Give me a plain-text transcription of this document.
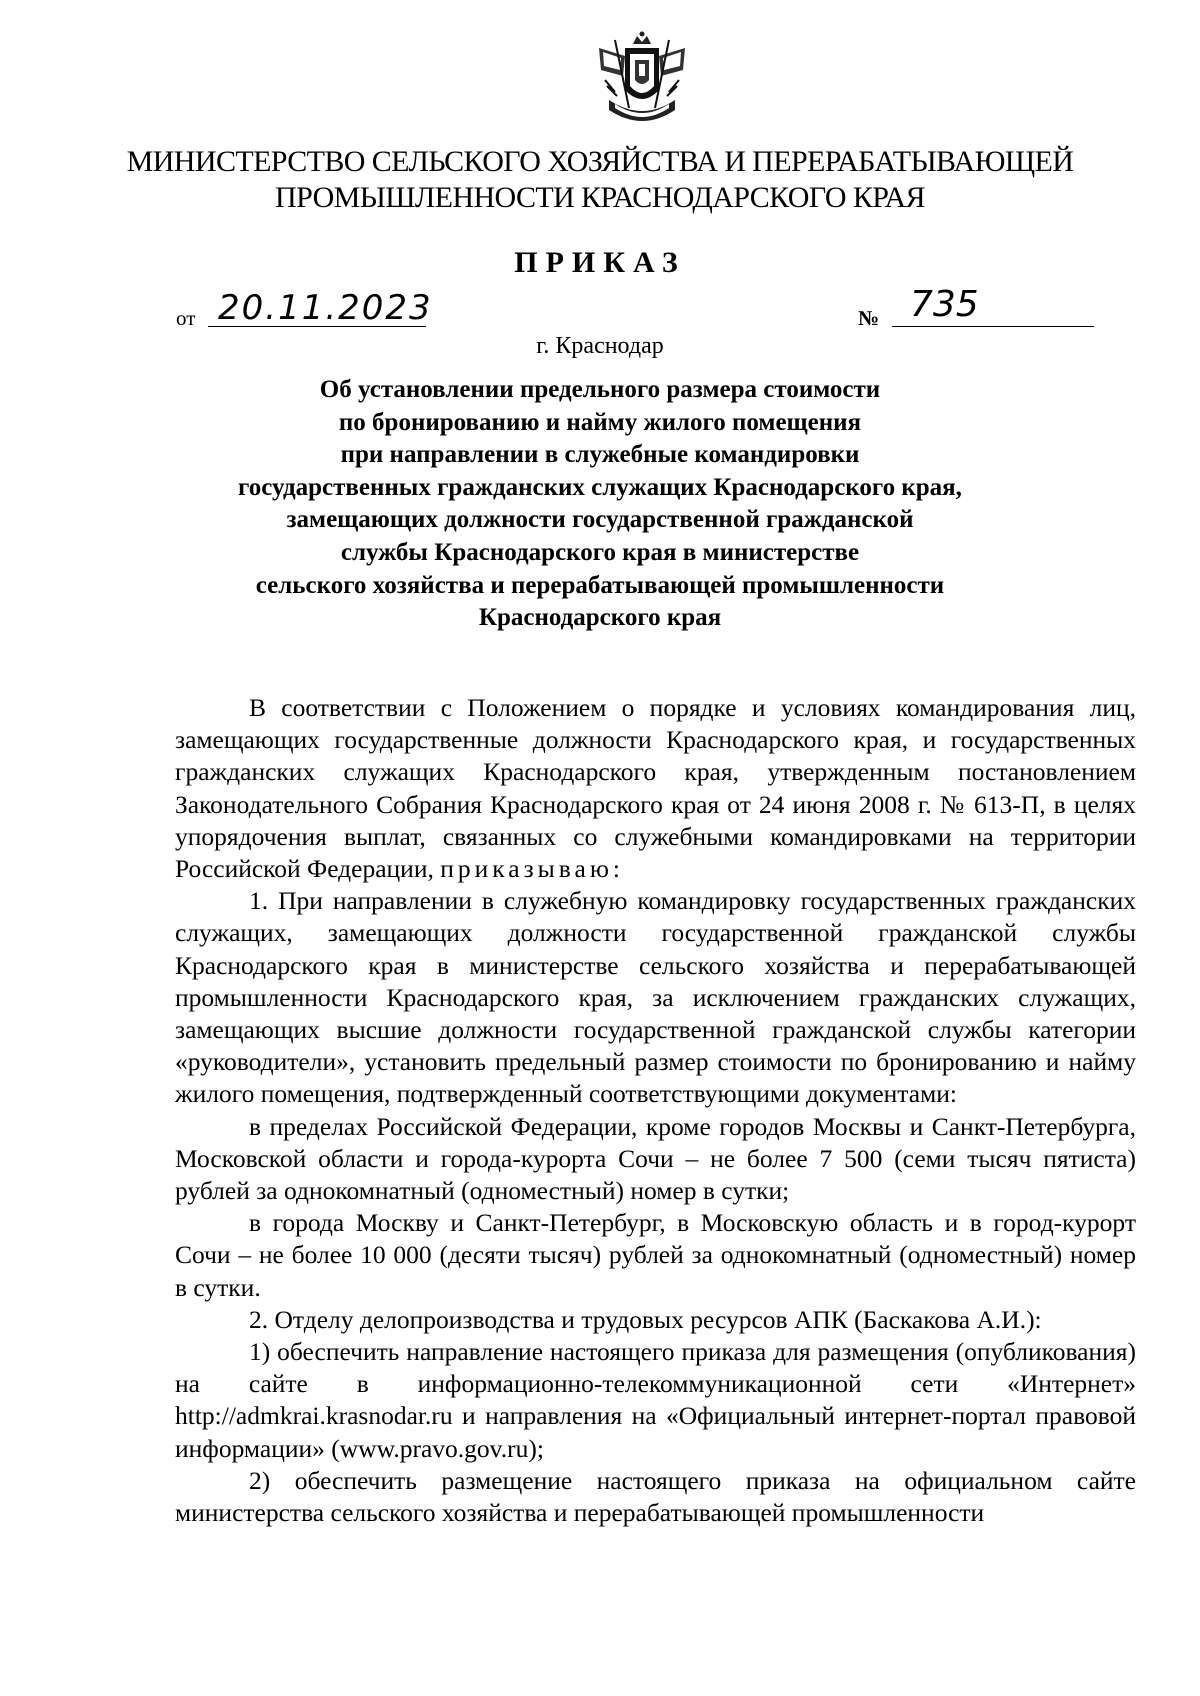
МИНИСТЕРСТВО СЕЛЬСКОГО ХОЗЯЙСТВА И ПЕРЕРАБАТЫВАЮЩЕЙ
ПРОМЫШЛЕННОСТИ КРАСНОДАРСКОГО КРАЯ
ПРИКАЗ
от 20.11.2023	№ 735
г. Краснодар
Об установлении предельного размера стоимости
по бронированию и найму жилого помещения
при направлении в служебные командировки
государственных гражданских служащих Краснодарского края,
замещающих должности государственной гражданской
службы Краснодарского края в министерстве
сельского хозяйства и перерабатывающей промышленности
Краснодарского края

В соответствии с Положением о порядке и условиях командирования лиц, замещающих государственные должности Краснодарского края, и государственных гражданских служащих Краснодарского края, утвержденным постановлением Законодательного Собрания Краснодарского края от 24 июня 2008 г. № 613-П, в целях упорядочения выплат, связанных со служебными командировками на территории Российской Федерации, приказываю:

1. При направлении в служебную командировку государственных гражданских служащих, замещающих должности государственной гражданской службы Краснодарского края в министерстве сельского хозяйства и перерабатывающей промышленности Краснодарского края, за исключением гражданских служащих, замещающих высшие должности государственной гражданской службы категории «руководители», установить предельный размер стоимости по бронированию и найму жилого помещения, подтвержденный соответствующими документами:

в пределах Российской Федерации, кроме городов Москвы и Санкт-Петербурга, Московской области и города-курорта Сочи – не более 7 500 (семи тысяч пятиста) рублей за однокомнатный (одноместный) номер в сутки;

в города Москву и Санкт-Петербург, в Московскую область и в город-курорт Сочи – не более 10 000 (десяти тысяч) рублей за однокомнатный (одноместный) номер в сутки.

2. Отделу делопроизводства и трудовых ресурсов АПК (Баскакова А.И.):

1) обеспечить направление настоящего приказа для размещения (опубликования) на сайте в информационно-телекоммуникационной сети «Интернет» http://admkrai.krasnodar.ru и направления на «Официальный интернет-портал правовой информации» (www.pravo.gov.ru);

2) обеспечить размещение настоящего приказа на официальном сайте министерства сельского хозяйства и перерабатывающей промышленности
